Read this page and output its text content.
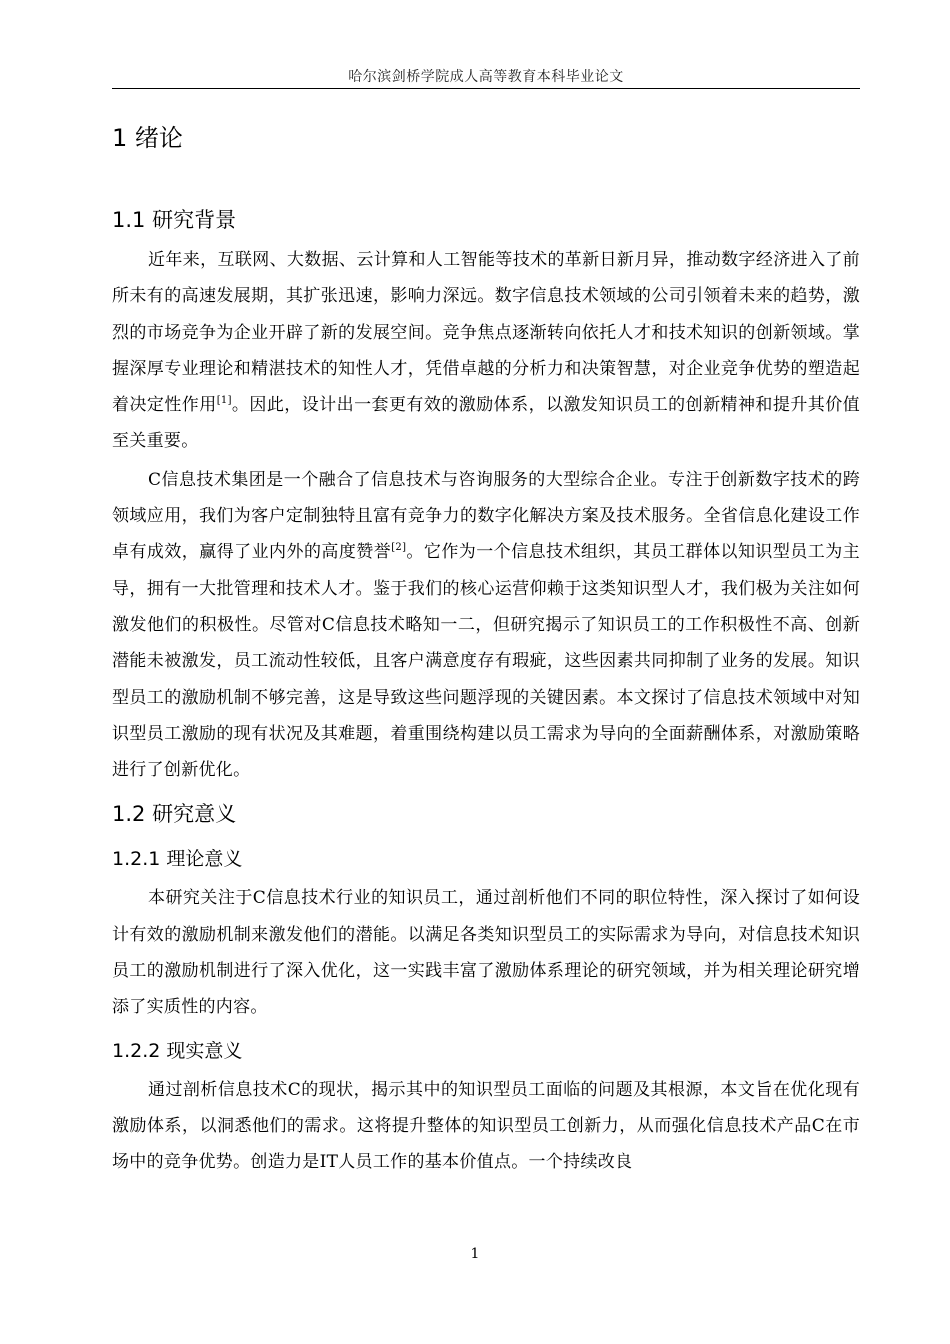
哈尔滨剑桥学院成人高等教育本科毕业论文
1 绪论
1.1 研究背景

近年来，互联网、大数据、云计算和人工智能等技术的革新日新月异，推动数字经济进入了前所未有的高速发展期，其扩张迅速，影响力深远。数字信息技术领域的公司引领着未来的趋势，激烈的市场竞争为企业开辟了新的发展空间。竞争焦点逐渐转向依托人才和技术知识的创新领域。掌握深厚专业理论和精湛技术的知性人才，凭借卓越的分析力和决策智慧，对企业竞争优势的塑造起着决定性作用[1]。因此，设计出一套更有效的激励体系，以激发知识员工的创新精神和提升其价值至关重要。

C信息技术集团是一个融合了信息技术与咨询服务的大型综合企业。专注于创新数字技术的跨领域应用，我们为客户定制独特且富有竞争力的数字化解决方案及技术服务。全省信息化建设工作卓有成效，赢得了业内外的高度赞誉[2]。它作为一个信息技术组织，其员工群体以知识型员工为主导，拥有一大批管理和技术人才。鉴于我们的核心运营仰赖于这类知识型人才，我们极为关注如何激发他们的积极性。尽管对C信息技术略知一二，但研究揭示了知识员工的工作积极性不高、创新潜能未被激发，员工流动性较低，且客户满意度存有瑕疵，这些因素共同抑制了业务的发展。知识型员工的激励机制不够完善，这是导致这些问题浮现的关键因素。本文探讨了信息技术领域中对知识型员工激励的现有状况及其难题，着重围绕构建以员工需求为导向的全面薪酬体系，对激励策略进行了创新优化。

1.2 研究意义
1.2.1 理论意义

本研究关注于C信息技术行业的知识员工，通过剖析他们不同的职位特性，深入探讨了如何设计有效的激励机制来激发他们的潜能。以满足各类知识型员工的实际需求为导向，对信息技术知识员工的激励机制进行了深入优化，这一实践丰富了激励体系理论的研究领域，并为相关理论研究增添了实质性的内容。

1.2.2 现实意义

通过剖析信息技术C的现状，揭示其中的知识型员工面临的问题及其根源，本文旨在优化现有激励体系，以洞悉他们的需求。这将提升整体的知识型员工创新力，从而强化信息技术产品C在市场中的竞争优势。创造力是IT人员工作的基本价值点。一个持续改良

1
